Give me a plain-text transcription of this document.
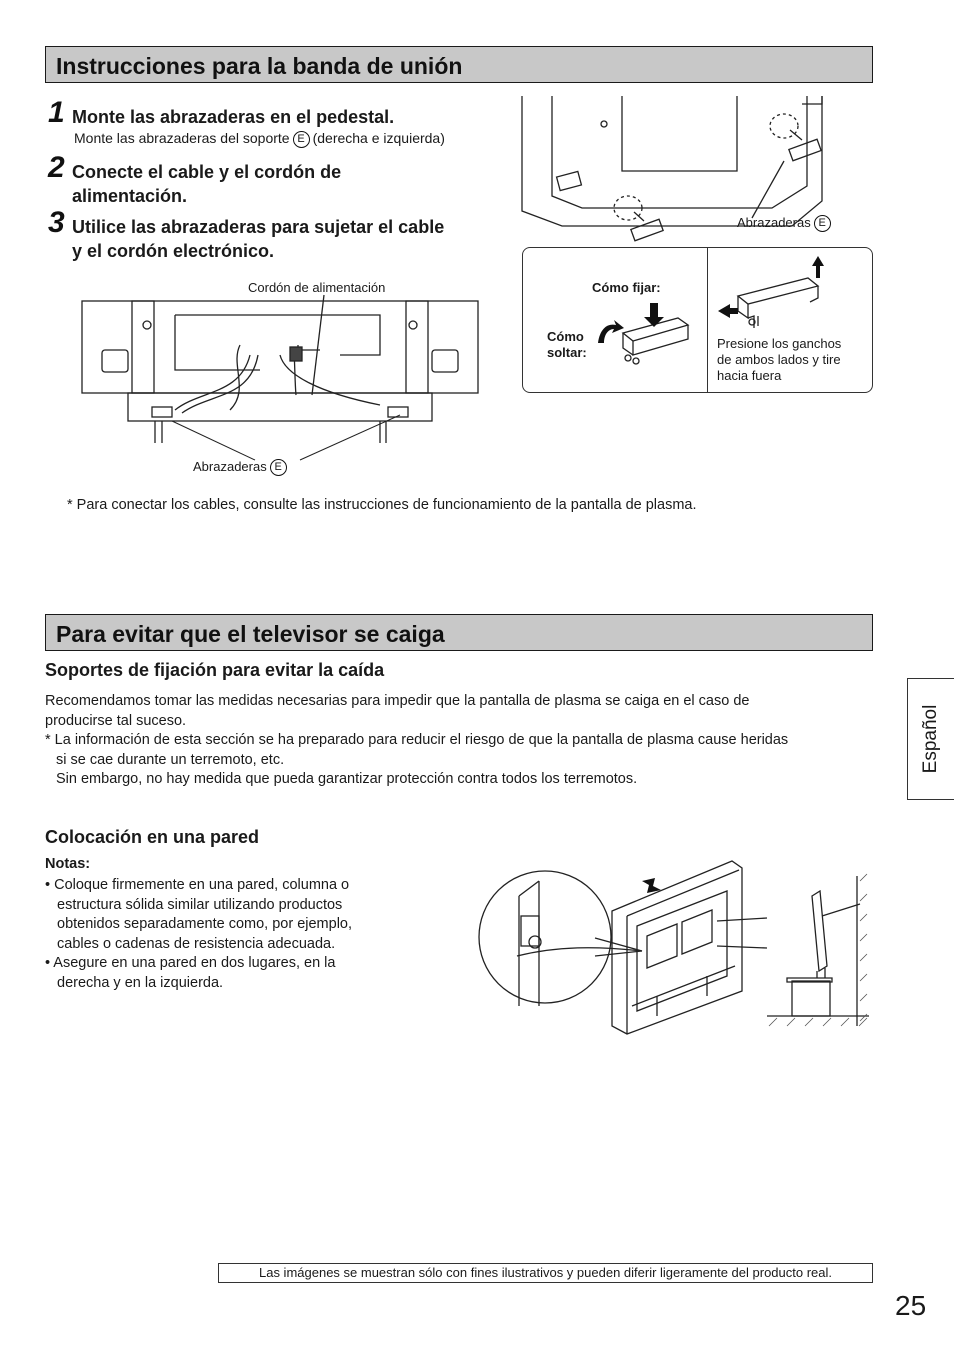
Instrucciones para la banda de unión
1 Monte las abrazaderas en el pedestal.
Monte las abrazaderas del soporte E (derecha e izquierda)
2 Conecte el cable y el cordón de
alimentación.
3 Utilice las abrazaderas para sujetar el cable
y el cordón electrónico.
Cordón de alimentación
Abrazaderas E
Abrazaderas E
Cómo fijar:
Cómo
soltar:
Presione los ganchos
de ambos lados y tire
hacia fuera
* Para conectar los cables, consulte las instrucciones de funcionamiento de la pantalla de plasma.
Para evitar que el televisor se caiga
Soportes de fijación para evitar la caída
Recomendamos tomar las medidas necesarias para impedir que la pantalla de plasma se caiga en el caso de
producirse tal suceso.
* La información de esta sección se ha preparado para reducir el riesgo de que la pantalla de plasma cause heridas
si se cae durante un terremoto, etc.
Sin embargo, no hay medida que pueda garantizar protección contra todos los terremotos.
Colocación en una pared
Notas:
• Coloque firmemente en una pared, columna o
estructura sólida similar utilizando productos
obtenidos separadamente como, por ejemplo,
cables o cadenas de resistencia adecuada.
• Asegure en una pared en dos lugares, en la
derecha y en la izquierda.
Español
Las imágenes se muestran sólo con fines ilustrativos y pueden diferir ligeramente del producto real.
25
